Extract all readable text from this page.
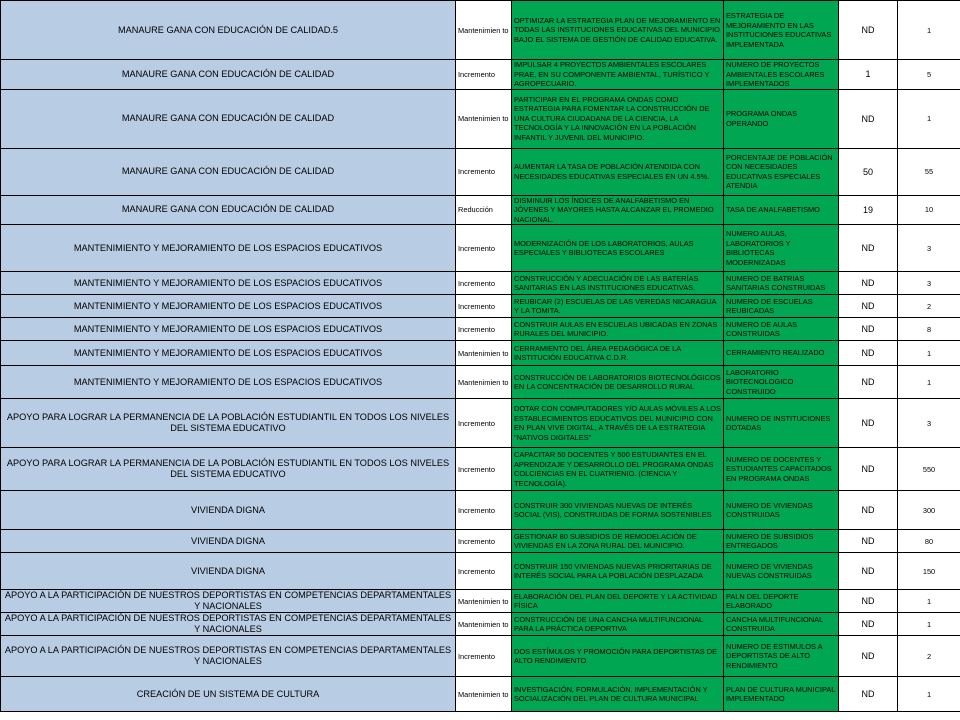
MANAURE GANA CON EDUCACIÓN DE CALIDAD.5	Mantenimien to	OPTIMIZAR LA ESTRATEGIA PLAN DE MEJORAMIENTO EN TODAS LAS INSTITUCIONES EDUCATIVAS DEL MUNICIPIO BAJO EL SISTEMA DE GESTIÓN DE CALIDAD EDUCATIVA.	ESTRATEGIA DE MEJORAMIENTO EN LAS INSTITUCIONES EDUCATIVAS IMPLEMENTADA	ND	1
MANAURE GANA CON EDUCACIÓN DE CALIDAD	Incremento	IMPULSAR 4 PROYECTOS AMBIENTALES ESCOLARES PRAE, EN SU COMPONENTE AMBIENTAL, TURÍSTICO Y AGROPECUARIO.	NUMERO DE PROYECTOS AMBIENTALES ESCOLARES IMPLEMENTADOS	1	5
MANAURE GANA CON EDUCACIÓN DE CALIDAD	Mantenimien to	PARTICIPAR EN EL PROGRAMA ONDAS COMO ESTRATEGIA PARA FOMENTAR LA CONSTRUCCIÓN DE UNA CULTURA CIUDADANA DE LA CIENCIA, LA TECNOLOGÍA Y LA INNOVACIÓN EN LA POBLACIÓN INFANTIL Y JUVENIL DEL MUNICIPIO.	PROGRAMA ONDAS OPERANDO	ND	1
MANAURE GANA CON EDUCACIÓN DE CALIDAD	Incremento	AUMENTAR LA TASA DE POBLACIÓN ATENDIDA CON NECESIDADES EDUCATIVAS ESPECIALES EN UN 4.5%.	PORCENTAJE DE POBLACIÓN CON NECESIDADES EDUCATIVAS ESPECIALES ATENDIA	50	55
MANAURE GANA CON EDUCACIÓN DE CALIDAD	Reducción	DISMINUIR LOS ÍNDICES DE ANALFABETISMO EN JÓVENES Y MAYORES HASTA ALCANZAR EL PROMEDIO NACIONAL.	TASA DE ANALFABETISMO	19	10
MANTENIMIENTO Y MEJORAMIENTO DE LOS ESPACIOS EDUCATIVOS	Incremento	MODERNIZACIÓN DE LOS LABORATORIOS, AULAS ESPECIALES Y BIBLIOTECAS ESCOLARES	NUMERO AULAS, LABORATORIOS Y BIBLIOTECAS MODERNIZADAS	ND	3
MANTENIMIENTO Y MEJORAMIENTO DE LOS ESPACIOS EDUCATIVOS	Incremento	CONSTRUCCIÓN Y ADECUACIÓN DE LAS BATERÍAS SANITARIAS EN LAS INSTITUCIONES EDUCATIVAS.	NUMERO DE BATRIAS SANITARIAS CONSTRUIDAS	ND	3
MANTENIMIENTO Y MEJORAMIENTO DE LOS ESPACIOS EDUCATIVOS	Incremento	REUBICAR (2) ESCUELAS DE LAS VEREDAS NICARAGUA Y LA TOMITA.	NUMERO DE ESCUELAS REUBICADAS	ND	2
MANTENIMIENTO Y MEJORAMIENTO DE LOS ESPACIOS EDUCATIVOS	Incremento	CONSTRUIR AULAS EN ESCUELAS UBICADAS EN ZONAS RURALES DEL MUNICIPIO.	NUMERO DE AULAS CONSTRUIDAS	ND	8
MANTENIMIENTO Y MEJORAMIENTO DE LOS ESPACIOS EDUCATIVOS	Mantenimien to	CERRAMIENTO DEL ÁREA PEDAGÓGICA DE LA INSTITUCIÓN EDUCATIVA C.D.R.	CERRAMIENTO REALIZADO	ND	1
MANTENIMIENTO Y MEJORAMIENTO DE LOS ESPACIOS EDUCATIVOS	Mantenimien to	CONSTRUCCIÓN DE LABORATORIOS BIOTECNOLÓGICOS EN LA CONCENTRACIÓN DE DESARROLLO RURAL	LABORATORIO BIOTECNOLOGICO CONSTRUIDO	ND	1
APOYO PARA LOGRAR LA PERMANENCIA DE LA POBLACIÓN ESTUDIANTIL EN TODOS LOS NIVELES DEL SISTEMA EDUCATIVO	Incremento	DOTAR CON COMPUTADORES Y/O AULAS MÓVILES A LOS ESTABLECIMIENTOS EDUCATIVOS DEL MUNICIPIO CON EN PLAN VIVE DIGITAL, A TRAVÉS DE LA ESTRATEGIA "NATIVOS DIGITALES"	NUMERO DE INSTITUCIONES DOTADAS	ND	3
APOYO PARA LOGRAR LA PERMANENCIA DE LA POBLACIÓN ESTUDIANTIL EN TODOS LOS NIVELES DEL SISTEMA EDUCATIVO	Incremento	CAPACITAR 50 DOCENTES Y 500 ESTUDIANTES EN EL APRENDIZAJE Y DESARROLLO DEL PROGRAMA ONDAS COLCIENCIAS EN EL CUATRIENIO. (CIENCIA Y TECNOLOGÍA).	NUMERO DE DOCENTES Y ESTUDIANTES CAPACITADOS EN PROGRAMA ONDAS	ND	550
VIVIENDA DIGNA	Incremento	CONSTRUIR 300 VIVIENDAS NUEVAS DE INTERÉS SOCIAL (VIS), CONSTRUIDAS DE FORMA SOSTENIBLES	NUMERO DE VIVIENDAS CONSTRUIDAS	ND	300
VIVIENDA DIGNA	Incremento	GESTIONAR 80 SUBSIDIOS DE REMODELACIÓN DE VIVIENDAS EN LA ZONA RURAL DEL MUNICIPIO.	NUMERO DE SUBSIDIOS ENTREGADOS	ND	80
VIVIENDA DIGNA	Incremento	CONSTRUIR 150 VIVIENDAS NUEVAS PRIORITARIAS DE INTERÉS SOCIAL PARA LA POBLACIÓN DESPLAZADA	NUMERO DE VIVIENDAS NUEVAS CONSTRUIDAS	ND	150
APOYO A LA PARTICIPACIÓN DE NUESTROS DEPORTISTAS EN COMPETENCIAS DEPARTAMENTALES Y NACIONALES	Mantenimien to	ELABORACIÓN DEL PLAN DEL DEPORTE Y LA ACTIVIDAD FÍSICA	PALN DEL DEPORTE ELABORADO	ND	1
APOYO A LA PARTICIPACIÓN DE NUESTROS DEPORTISTAS EN COMPETENCIAS DEPARTAMENTALES Y NACIONALES	Mantenimien to	CONSTRUCCIÓN DE UNA CANCHA MULTIFUNCIONAL PARA LA PRÁCTICA DEPORTIVA	CANCHA MULTIFUNCIONAL CONSTRUIDA	ND	1
APOYO A LA PARTICIPACIÓN DE NUESTROS DEPORTISTAS EN COMPETENCIAS DEPARTAMENTALES Y NACIONALES	Incremento	DOS ESTÍMULOS Y PROMOCIÓN PARA DEPORTISTAS DE ALTO RENDIMIENTO	NUMERO DE ESTIMULOS A DEPORTISTAS DE ALTO RENDIMIENTO	ND	2
CREACIÓN DE UN SISTEMA DE CULTURA	Mantenimien to	INVESTIGACIÓN, FORMULACIÓN, IMPLEMENTACIÓN Y SOCIALIZACIÓN DEL PLAN DE CULTURA MUNICIPAL	PLAN DE CULTURA MUNICIPAL IMPLEMENTADO	ND	1
